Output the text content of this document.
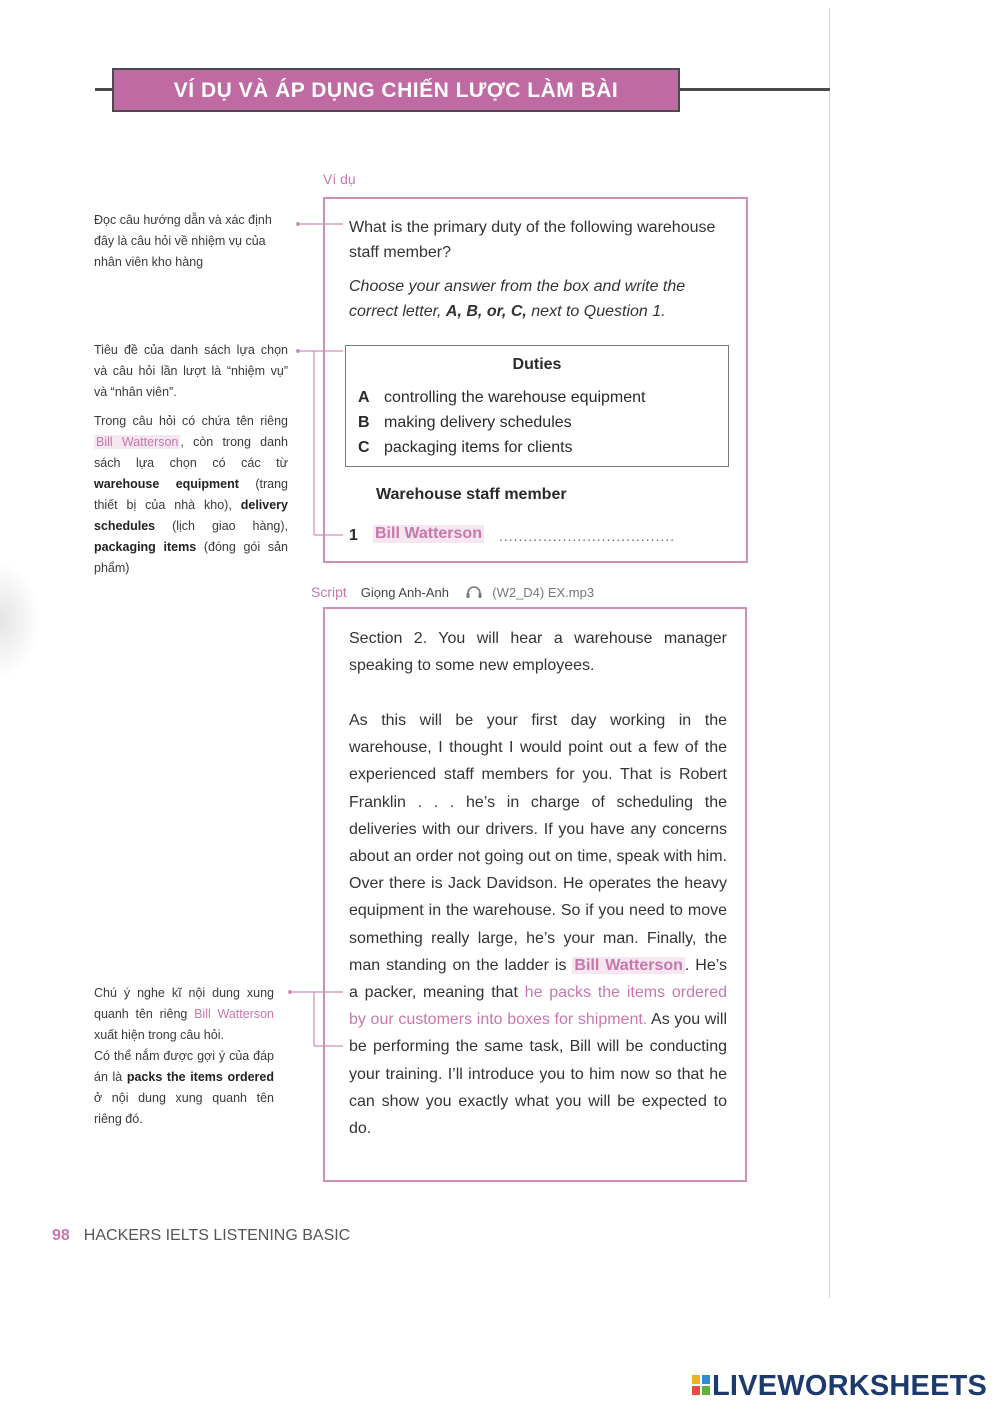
VÍ DỤ VÀ ÁP DỤNG CHIẾN LƯỢC LÀM BÀI
Đọc câu hướng dẫn và xác định đây là câu hỏi về nhiệm vụ của nhân viên kho hàng
Tiêu đề của danh sách lựa chọn và câu hỏi lần lượt là “nhiệm vụ” và “nhân viên”.
Trong câu hỏi có chứa tên riêng Bill Watterson , còn trong danh sách lựa chọn có các từ warehouse equipment (trang thiết bị của nhà kho), delivery schedules (lịch giao hàng), packaging items (đóng gói sản phẩm)
Chú ý nghe kĩ nội dung xung quanh tên riêng Bill Watterson xuất hiện trong câu hỏi.
Có thể nắm được gợi ý của đáp án là packs the items ordered ở nội dung xung quanh tên riêng đó.
Ví dụ
What is the primary duty of the following warehouse staff member?
Choose your answer from the box and write the correct letter, A, B, or, C, next to Question 1.
Duties
A controlling the warehouse equipment
B making delivery schedules
C packaging items for clients
Warehouse staff member
1 Bill Watterson ....................................
Script Giọng Anh-Anh	(W2_D4) EX.mp3
Section 2. You will hear a warehouse manager speaking to some new employees.
As this will be your first day working in the warehouse, I thought I would point out a few of the experienced staff members for you. That is Robert Franklin . . . he’s in charge of scheduling the deliveries with our drivers. If you have any concerns about an order not going out on time, speak with him. Over there is Jack Davidson. He operates the heavy equipment in the warehouse. So if you need to move something really large, he’s your man. Finally, the man standing on the ladder is Bill Watterson . He’s a packer, meaning that he packs the items ordered by our customers into boxes for shipment. As you will be performing the same task, Bill will be conducting your training. I’ll introduce you to him now so that he can show you exactly what you will be expected to do.
98 HACKERS IELTS LISTENING BASIC
LIVEWORKSHEETS
